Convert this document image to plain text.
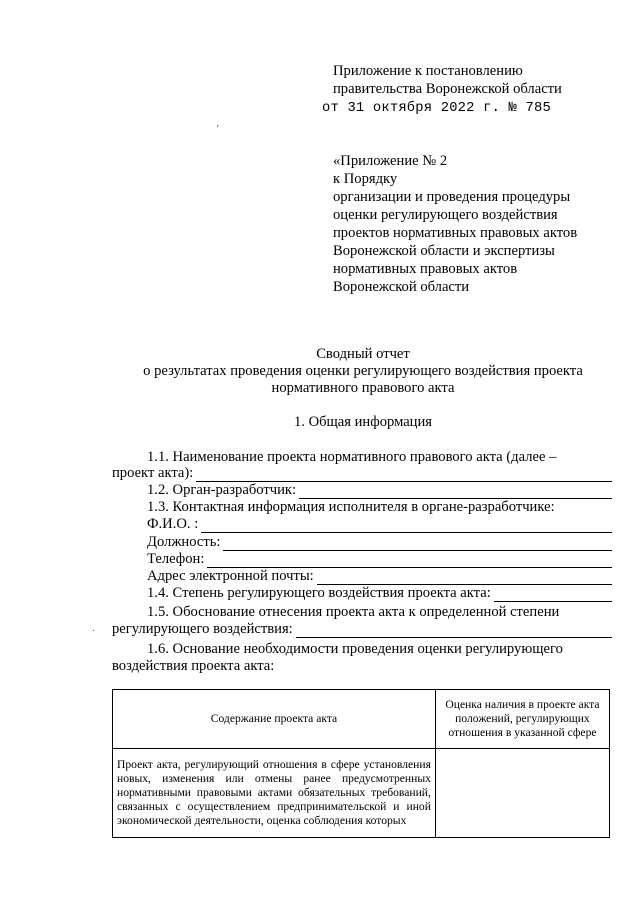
Приложение к постановлению
правительства Воронежской области
от 31 октября 2022 г. № 785
’
«Приложение № 2
к Порядку
организации и проведения процедуры
оценки регулирующего воздействия
проектов нормативных правовых актов
Воронежской области и экспертизы
нормативных правовых актов
Воронежской области
Сводный отчет
о результатах проведения оценки регулирующего воздействия проекта
нормативного правового акта
1. Общая информация
1.1. Наименование проекта нормативного правового акта (далее –
проект акта):
1.2. Орган-разработчик:
1.3. Контактная информация исполнителя в органе-разработчике:
Ф.И.О. :
Должность:
Телефон:
Адрес электронной почты:
1.4. Степень регулирующего воздействия проекта акта:
1.5. Обоснование отнесения проекта акта к определенной степени
регулирующего воздействия:
·
1.6. Основание необходимости проведения оценки регулирующего
воздействия проекта акта:
Содержание проекта акта	Оценка наличия в проекте акта положений, регулирующих отношения в указанной сфере
Проект акта, регулирующий отношения в сфере установления новых, изменения или отмены ранее предусмотренных нормативными правовыми актами обязательных требований, связанных с осуществлением предпринимательской и иной экономической деятельности, оценка соблюдения которых	
